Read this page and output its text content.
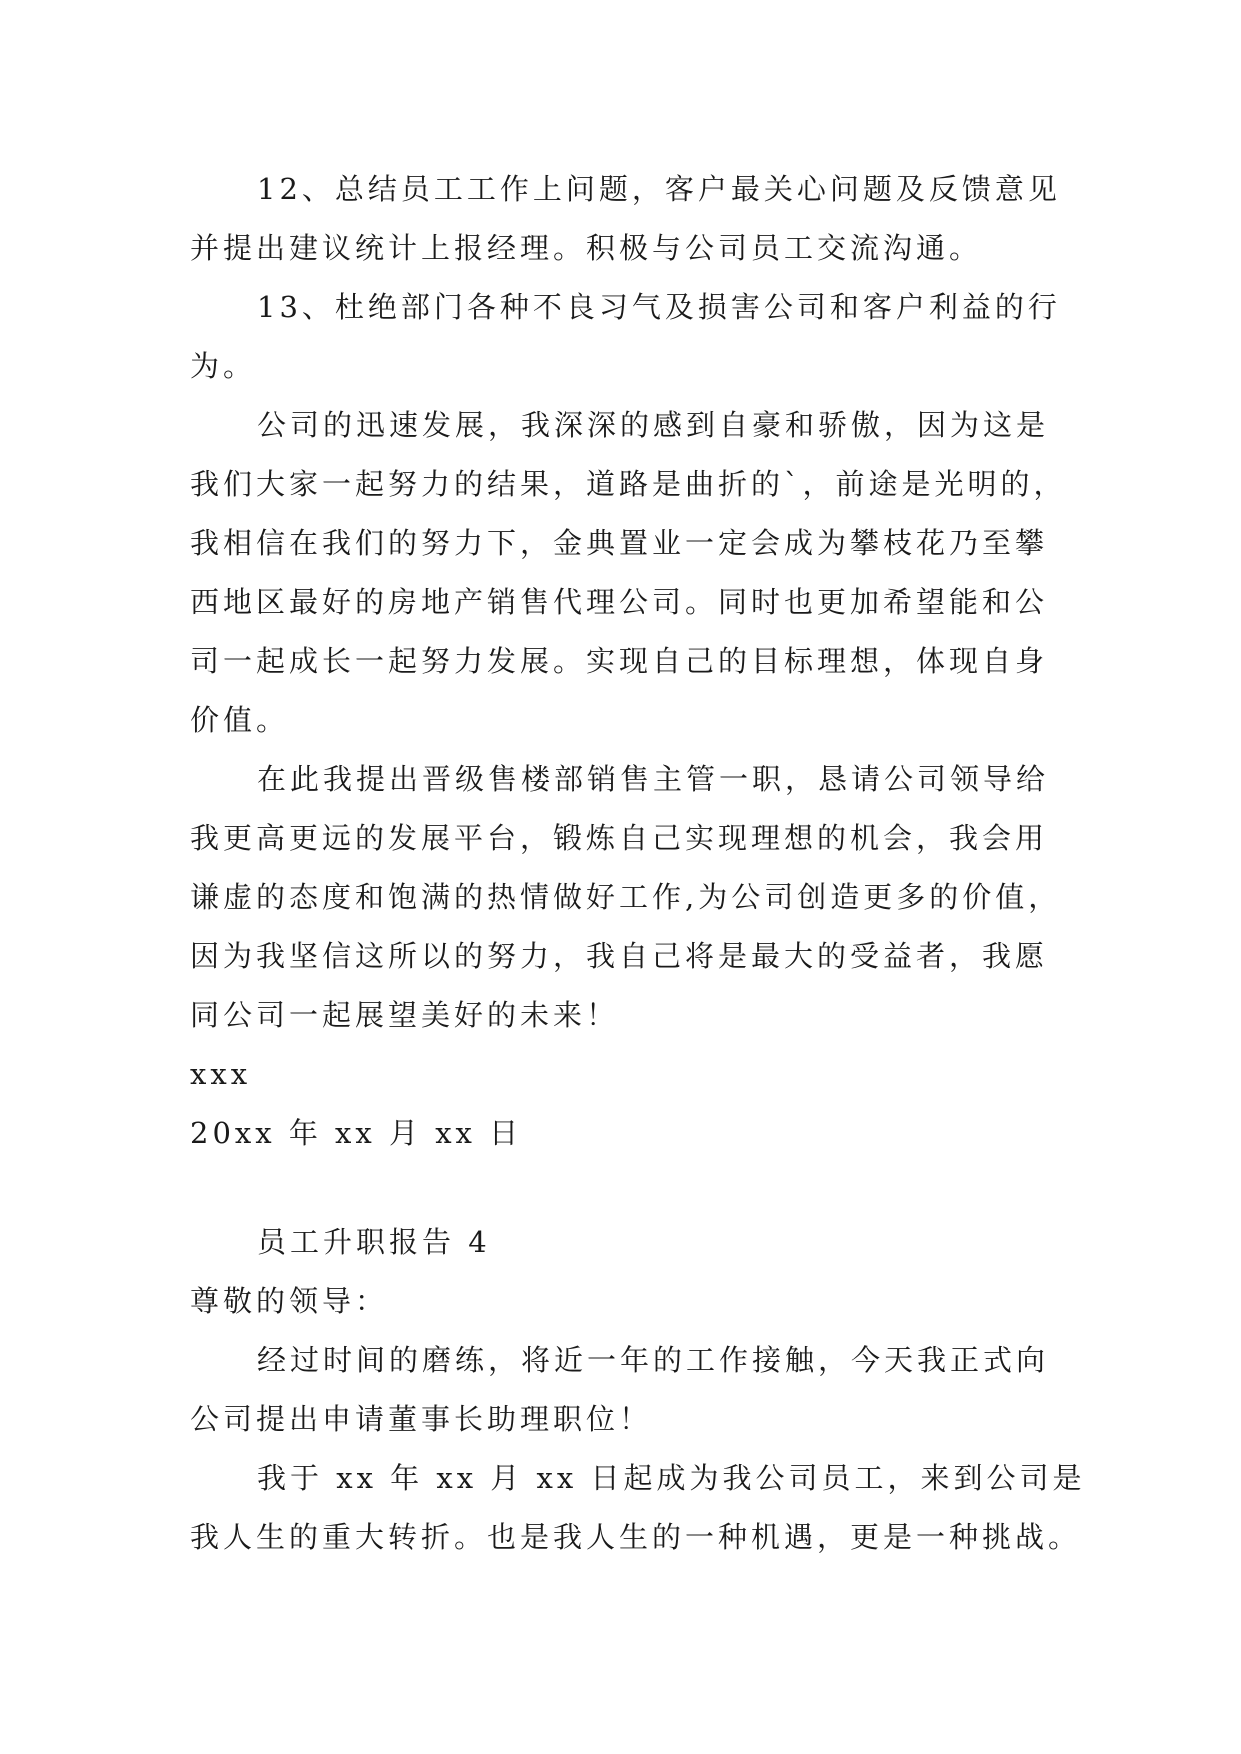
12、总结员工工作上问题，客户最关心问题及反馈意见

并提出建议统计上报经理。积极与公司员工交流沟通。

13、杜绝部门各种不良习气及损害公司和客户利益的行

为。

公司的迅速发展，我深深的感到自豪和骄傲，因为这是

我们大家一起努力的结果，道路是曲折的`，前途是光明的，

我相信在我们的努力下，金典置业一定会成为攀枝花乃至攀

西地区最好的房地产销售代理公司。同时也更加希望能和公

司一起成长一起努力发展。实现自己的目标理想，体现自身

价值。

在此我提出晋级售楼部销售主管一职，恳请公司领导给

我更高更远的发展平台，锻炼自己实现理想的机会，我会用

谦虚的态度和饱满的热情做好工作,为公司创造更多的价值，

因为我坚信这所以的努力，我自己将是最大的受益者，我愿

同公司一起展望美好的未来！

xxx

20xx 年 xx 月 xx 日

员工升职报告 4

尊敬的领导：

经过时间的磨练，将近一年的工作接触，今天我正式向

公司提出申请董事长助理职位！

我于 xx 年 xx 月 xx 日起成为我公司员工，来到公司是

我人生的重大转折。也是我人生的一种机遇，更是一种挑战。
